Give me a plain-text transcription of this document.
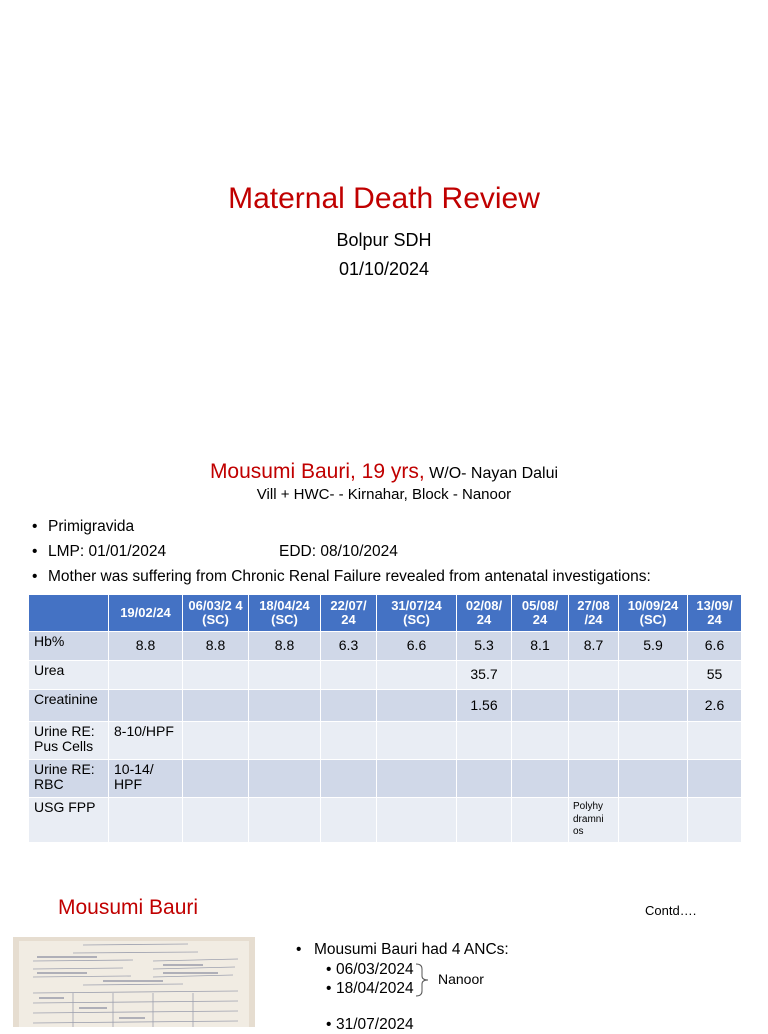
Maternal Death Review
Bolpur SDH
01/10/2024
Mousumi Bauri, 19 yrs, W/O- Nayan Dalui
Vill + HWC- - Kirnahar, Block - Nanoor
• Primigravida
• LMP: 01/01/2024	EDD: 08/10/2024
• Mother was suffering from Chronic Renal Failure revealed from antenatal investigations:
	19/02/24	06/03/2 4 (SC)	18/04/24 (SC)	22/07/ 24	31/07/24 (SC)	02/08/ 24	05/08/ 24	27/08 /24	10/09/24 (SC)	13/09/ 24
Hb%	8.8	8.8	8.8	6.3	6.6	5.3	8.1	8.7	5.9	6.6
Urea						35.7				55
Creatinine						1.56				2.6
Urine RE: Pus Cells	8-10/HPF									
Urine RE: RBC	10-14/ HPF									
USG FPP								Polyhy dramni os		
Mousumi Bauri	Contd….
• Mousumi Bauri had 4 ANCs:
• 06/03/2024
• 18/04/2024
Nanoor
• 31/07/2024
